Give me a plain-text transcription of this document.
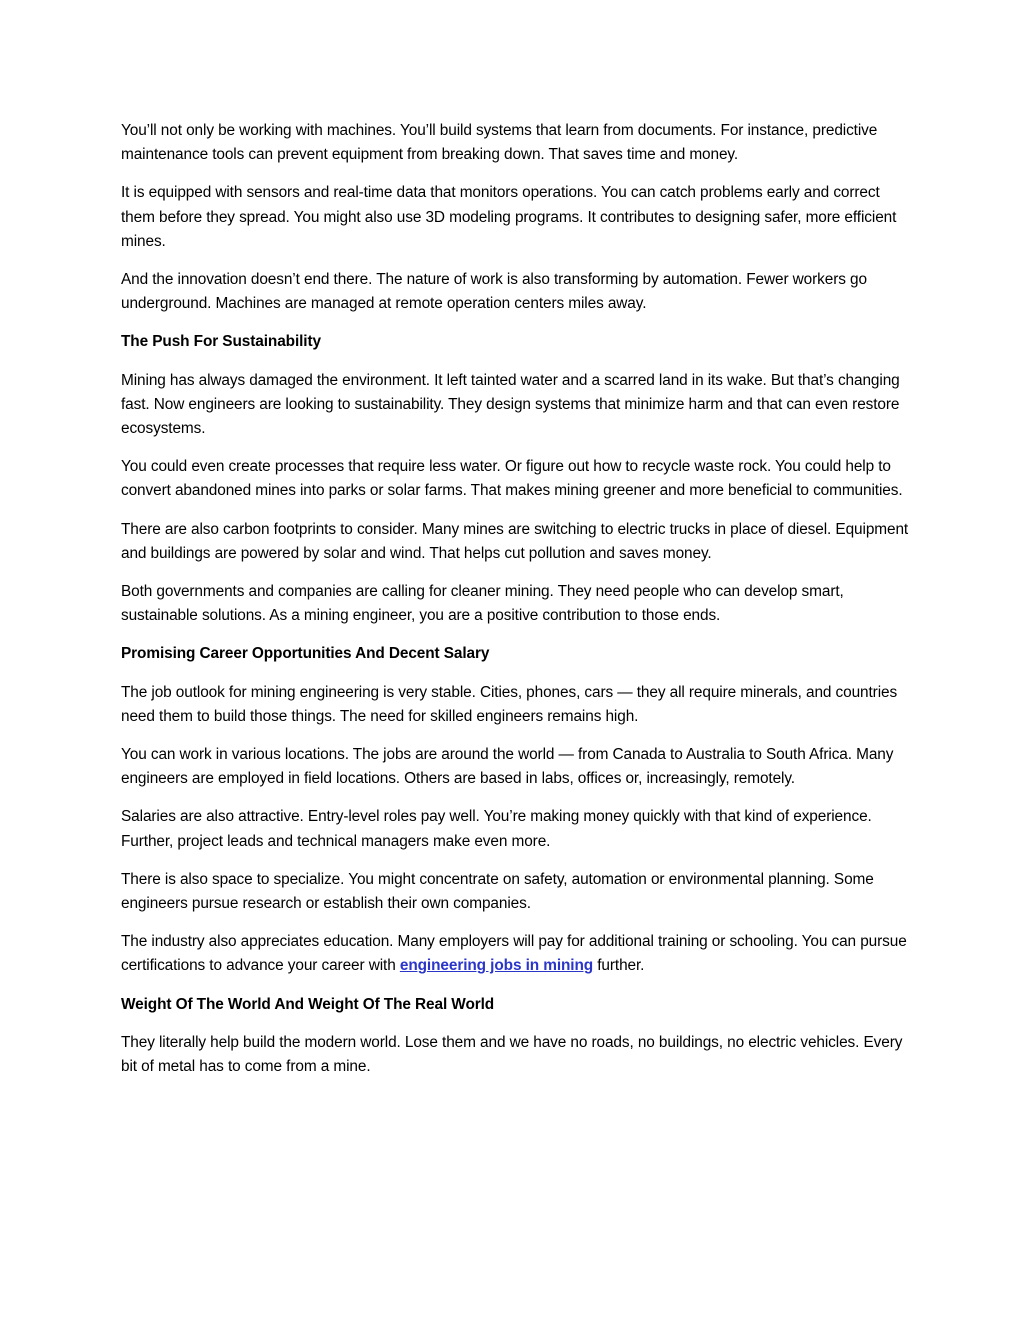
You’ll not only be working with machines. You’ll build systems that learn from documents. For instance, predictive maintenance tools can prevent equipment from breaking down. That saves time and money.

It is equipped with sensors and real-time data that monitors operations. You can catch problems early and correct them before they spread. You might also use 3D modeling programs. It contributes to designing safer, more efficient mines.

And the innovation doesn’t end there. The nature of work is also transforming by automation. Fewer workers go underground. Machines are managed at remote operation centers miles away.

The Push For Sustainability

Mining has always damaged the environment. It left tainted water and a scarred land in its wake. But that’s changing fast. Now engineers are looking to sustainability. They design systems that minimize harm and that can even restore ecosystems.

You could even create processes that require less water. Or figure out how to recycle waste rock. You could help to convert abandoned mines into parks or solar farms. That makes mining greener and more beneficial to communities.

There are also carbon footprints to consider. Many mines are switching to electric trucks in place of diesel. Equipment and buildings are powered by solar and wind. That helps cut pollution and saves money.

Both governments and companies are calling for cleaner mining. They need people who can develop smart, sustainable solutions. As a mining engineer, you are a positive contribution to those ends.

Promising Career Opportunities And Decent Salary

The job outlook for mining engineering is very stable. Cities, phones, cars — they all require minerals, and countries need them to build those things. The need for skilled engineers remains high.

You can work in various locations. The jobs are around the world — from Canada to Australia to South Africa. Many engineers are employed in field locations. Others are based in labs, offices or, increasingly, remotely.

Salaries are also attractive. Entry-level roles pay well. You’re making money quickly with that kind of experience. Further, project leads and technical managers make even more.

There is also space to specialize. You might concentrate on safety, automation or environmental planning. Some engineers pursue research or establish their own companies.

The industry also appreciates education. Many employers will pay for additional training or schooling. You can pursue certifications to advance your career with engineering jobs in mining further.

Weight Of The World And Weight Of The Real World

They literally help build the modern world. Lose them and we have no roads, no buildings, no electric vehicles. Every bit of metal has to come from a mine.
